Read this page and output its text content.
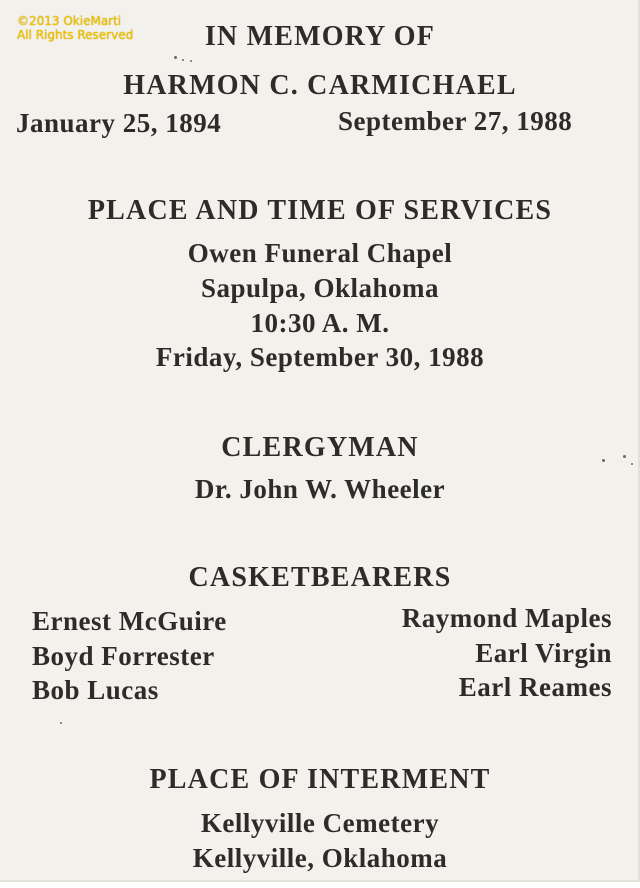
©2013 OkieMarti
All Rights Reserved	IN MEMORY OF
HARMON C. CARMICHAEL
January 25, 1894	September 27, 1988
PLACE AND TIME OF SERVICES
Owen Funeral Chapel
Sapulpa, Oklahoma
10:30 A. M.
Friday, September 30, 1988
CLERGYMAN
Dr. John W. Wheeler
CASKETBEARERS
Ernest McGuire
Boyd Forrester
Bob Lucas
Raymond Maples
Earl Virgin
Earl Reames
PLACE OF INTERMENT
Kellyville Cemetery
Kellyville, Oklahoma
